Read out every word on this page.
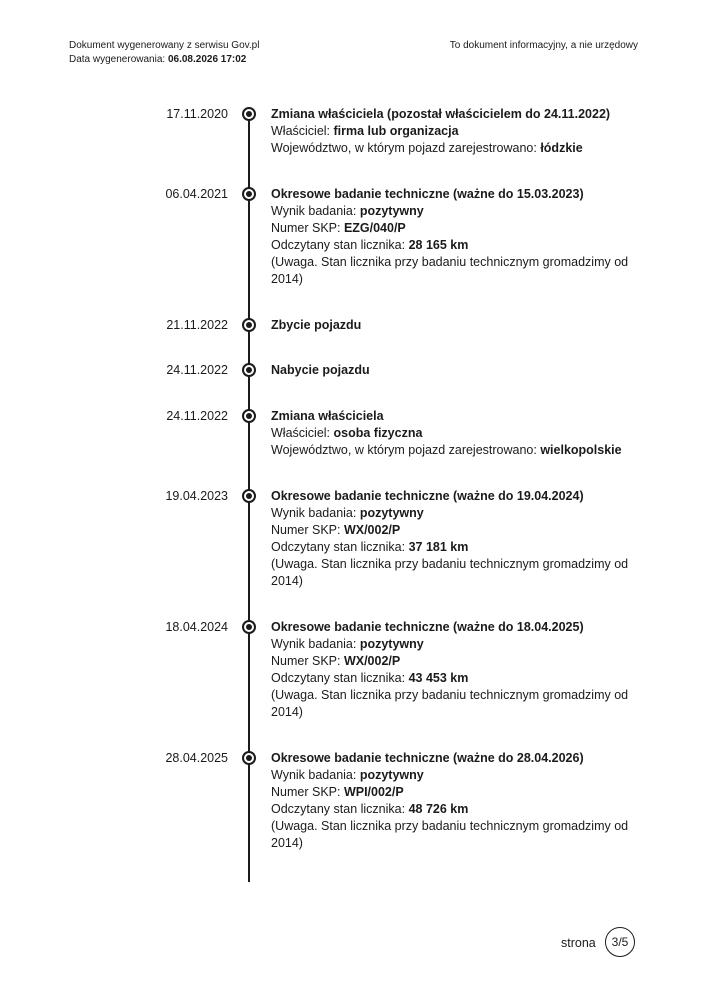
Dokument wygenerowany z serwisu Gov.pl
Data wygenerowania: 06.08.2026 17:02
To dokument informacyjny, a nie urzędowy
17.11.2020	Zmiana właściciela (pozostał właścicielem do 24.11.2022)
Właściciel: firma lub organizacja
Województwo, w którym pojazd zarejestrowano: łódzkie
06.04.2021	Okresowe badanie techniczne (ważne do 15.03.2023)
Wynik badania: pozytywny
Numer SKP: EZG/040/P
Odczytany stan licznika: 28 165 km
(Uwaga. Stan licznika przy badaniu technicznym gromadzimy od 2014)
21.11.2022	Zbycie pojazdu
24.11.2022	Nabycie pojazdu
24.11.2022	Zmiana właściciela
Właściciel: osoba fizyczna
Województwo, w którym pojazd zarejestrowano: wielkopolskie
19.04.2023	Okresowe badanie techniczne (ważne do 19.04.2024)
Wynik badania: pozytywny
Numer SKP: WX/002/P
Odczytany stan licznika: 37 181 km
(Uwaga. Stan licznika przy badaniu technicznym gromadzimy od 2014)
18.04.2024	Okresowe badanie techniczne (ważne do 18.04.2025)
Wynik badania: pozytywny
Numer SKP: WX/002/P
Odczytany stan licznika: 43 453 km
(Uwaga. Stan licznika przy badaniu technicznym gromadzimy od 2014)
28.04.2025	Okresowe badanie techniczne (ważne do 28.04.2026)
Wynik badania: pozytywny
Numer SKP: WPI/002/P
Odczytany stan licznika: 48 726 km
(Uwaga. Stan licznika przy badaniu technicznym gromadzimy od 2014)
strona	3/5
